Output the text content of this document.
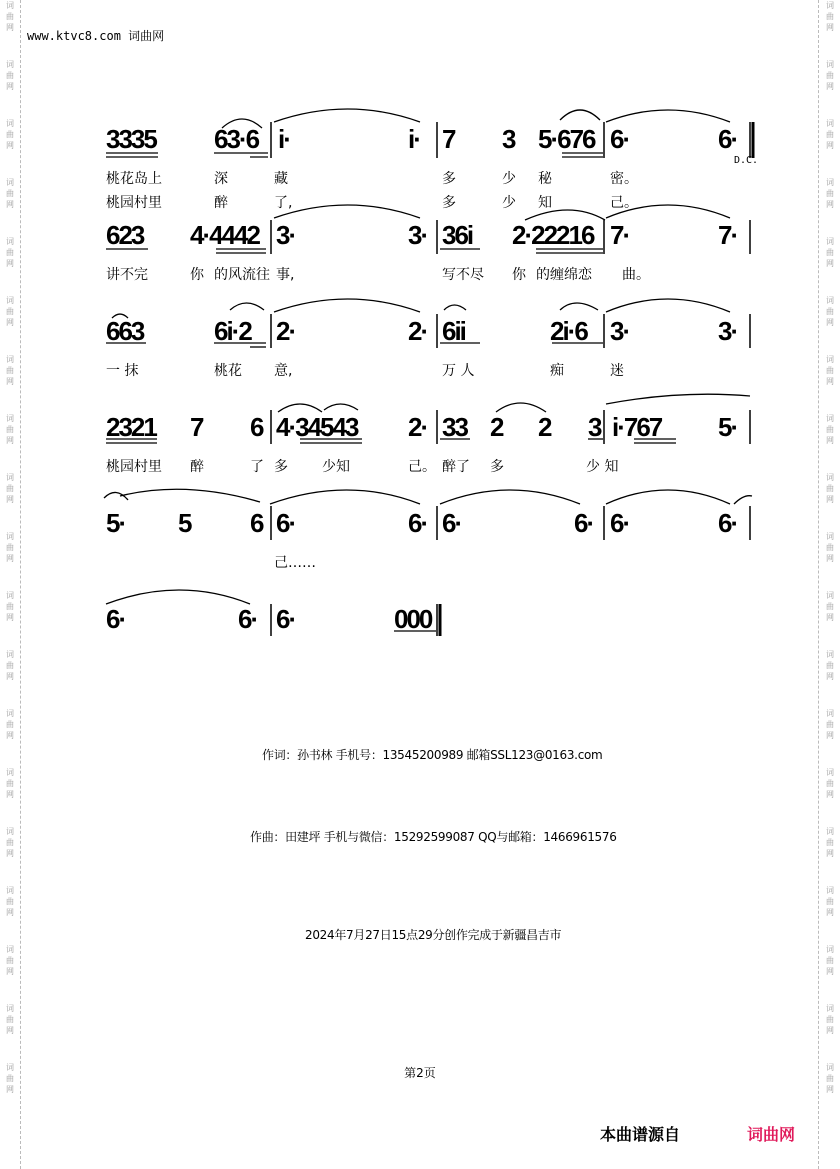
词
曲
网
词
曲
网
词
曲
网
词
曲
网
词
曲
网
词
曲
网
词
曲
网
词
曲
网
词
曲
网
词
曲
网
词
曲
网
词
曲
网
词
曲
网
词
曲
网
词
曲
网
词
曲
网
词
曲
网
词
曲
网
词
曲
网
词
曲
网
词
曲
网
词
曲
网
词
曲
网
词
曲
网
词
曲
网
词
曲
网
词
曲
网
词
曲
网
词
曲
网
词
曲
网
词
曲
网
词
曲
网
词
曲
网
词
曲
网
词
曲
网
词
曲
网
词
曲
网
词
曲
网
www.ktvc8.com 词曲网
3335 63·6 i·	i· 7 3 5·676 6·	6·
D.C.
桃花岛上	深	藏	多	少 秘	密。
桃园村里	醉	了,	多	少 知	己。
623 4·4442 3·	3· 36i 2·22216 7·	7·
讲不完	你 的风流往 事,	写不尽 你 的缠绵恋 曲。
663	6i·2 2·	2· 6ii	2i·6 3·	3·
一 抹	桃花 意,	万 人	痴	迷
2321 7 6 4·34543 2· 33 2 2 3 i·767 5·
桃园村里 醉	了 多 少知	己。 醉了 多	少 知
5· 5 6 6·	6· 6·	6· 6·	6·
己……
6·	6· 6·	000
作词：孙书林 手机号：13545200989 邮箱SSL123@0163.com
作曲：田建坪 手机与微信：15292599087 QQ与邮箱：1466961576
2024年7月27日15点29分创作完成于新疆昌吉市
第2页
本曲谱源自	词曲网
